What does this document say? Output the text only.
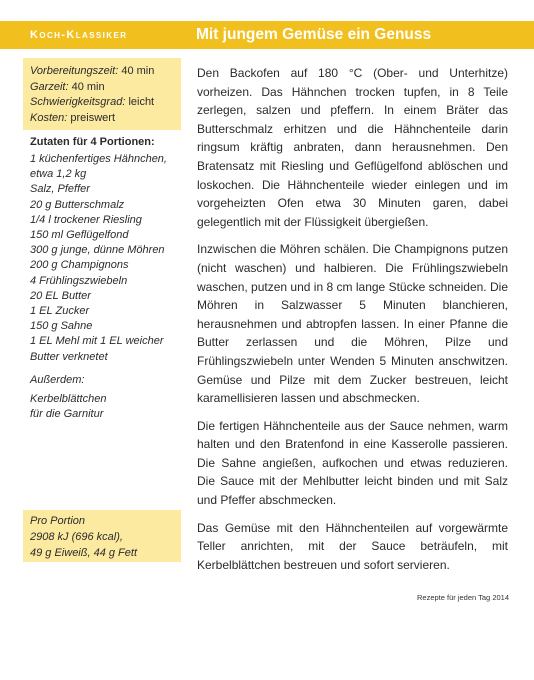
Koch-Klassiker	Mit jungem Gemüse ein Genuss
Vorbereitungszeit: 40 min
Garzeit: 40 min
Schwierigkeitsgrad: leicht
Kosten: preiswert
Zutaten für 4 Portionen:
1 küchenfertiges Hähnchen,
etwa 1,2 kg
Salz, Pfeffer
20 g Butterschmalz
1/4 l trockener Riesling
150 ml Geflügelfond
300 g junge, dünne Möhren
200 g Champignons
4 Frühlingszwiebeln
20 EL Butter
1 EL Zucker
150 g Sahne
1 EL Mehl mit 1 EL weicher
Butter verknetet
Außerdem:
Kerbelblättchen
für die Garnitur
Pro Portion
2908 kJ (696 kcal),
49 g Eiweiß, 44 g Fett

Den Backofen auf 180 °C (Ober- und Unterhitze) vorheizen. Das Hähnchen trocken tupfen, in 8 Teile zerlegen, salzen und pfeffern. In einem Bräter das Butterschmalz erhitzen und die Hähnchenteile darin ringsum kräftig anbraten, dann herausnehmen. Den Bratensatz mit Riesling und Geflügelfond ablöschen und loskochen. Die Hähnchenteile wieder einlegen und im vorgeheizten Ofen etwa 30 Minuten garen, dabei gelegentlich mit der Flüssigkeit übergießen.

Inzwischen die Möhren schälen. Die Champignons putzen (nicht waschen) und halbieren. Die Frühlingszwiebeln waschen, putzen und in 8 cm lange Stücke schneiden. Die Möhren in Salzwasser 5 Minuten blanchieren, herausnehmen und abtropfen lassen. In einer Pfanne die Butter zerlassen und die Möhren, Pilze und Frühlingszwiebeln unter Wenden 5 Minuten anschwitzen. Gemüse und Pilze mit dem Zucker bestreuen, leicht karamellisieren lassen und abschmecken.

Die fertigen Hähnchenteile aus der Sauce nehmen, warm halten und den Bratenfond in eine Kasserolle passieren. Die Sahne angießen, aufkochen und etwas reduzieren. Die Sauce mit der Mehlbutter leicht binden und mit Salz und Pfeffer abschmecken.

Das Gemüse mit den Hähnchenteilen auf vorgewärmte Teller anrichten, mit der Sauce beträufeln, mit Kerbelblättchen bestreuen und sofort servieren.

Rezepte für jeden Tag 2014
